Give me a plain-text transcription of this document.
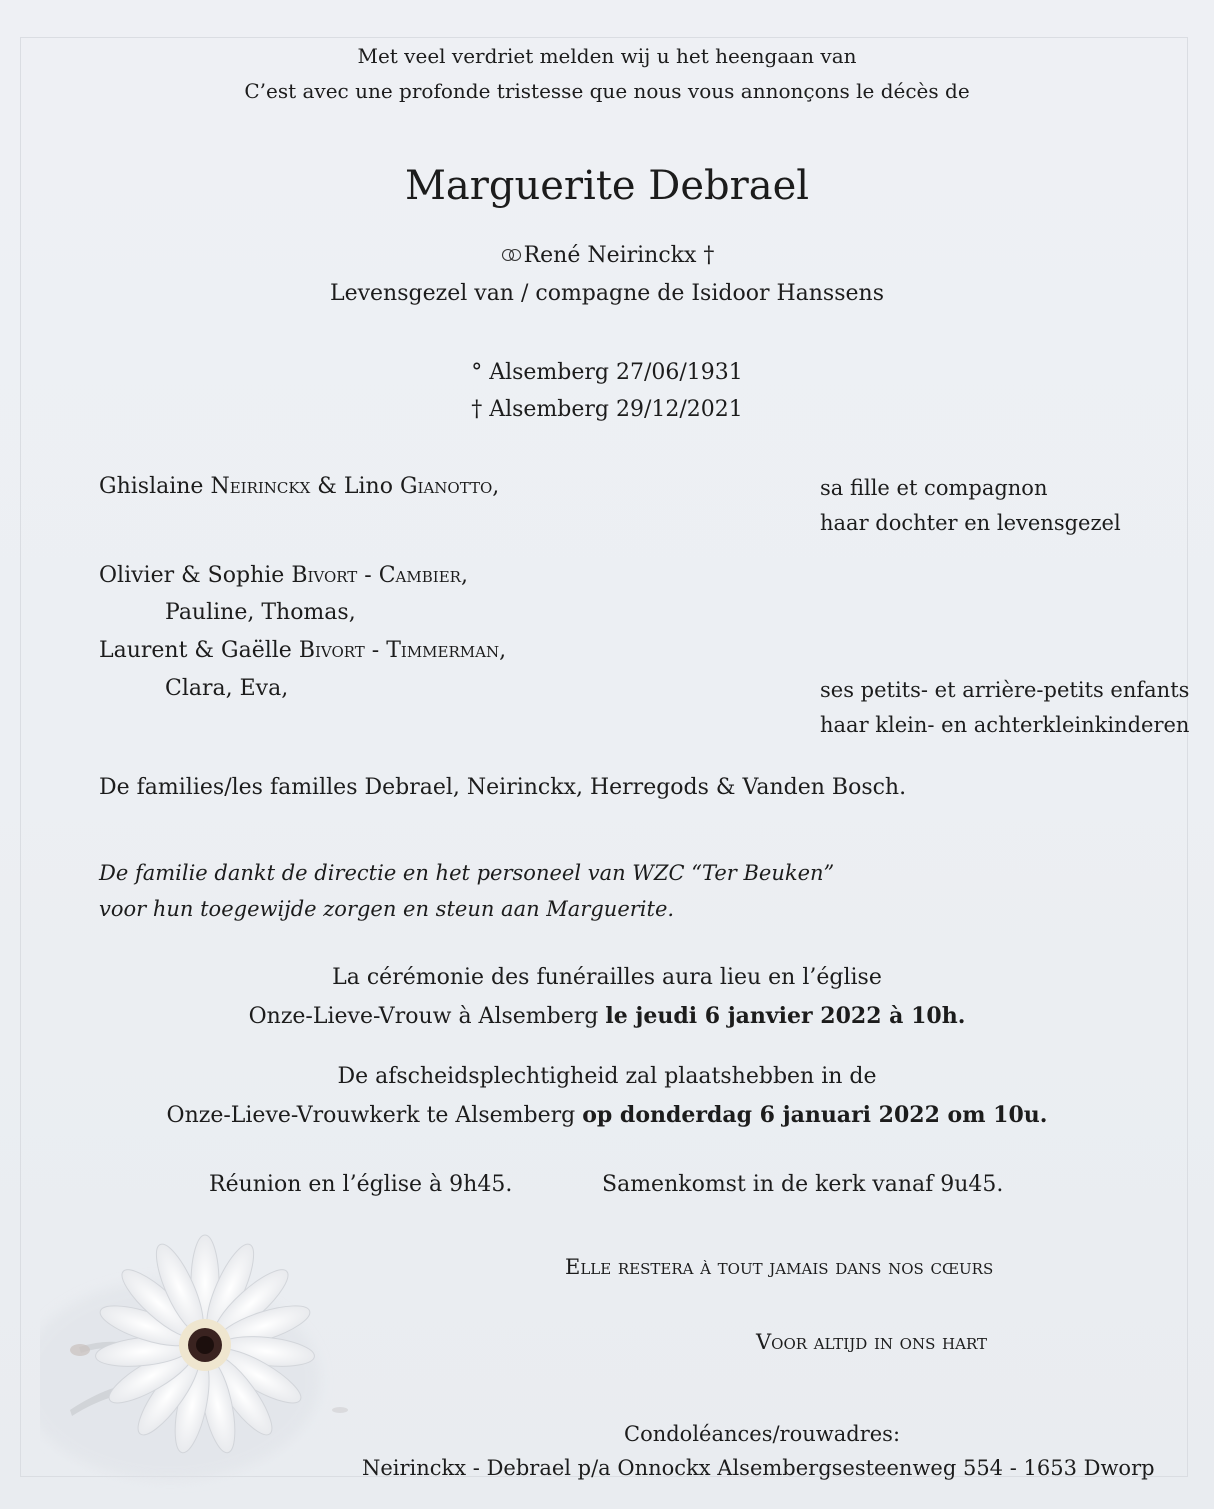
Met veel verdriet melden wij u het heengaan van
C’est avec une profonde tristesse que nous vous annonçons le décès de
Marguerite Debrael
René Neirinckx †
Levensgezel van / compagne de Isidoor Hanssens
° Alsemberg 27/06/1931
† Alsemberg 29/12/2021
Ghislaine Neirinckx & Lino Gianotto,	sa fille et compagnon
haar dochter en levensgezel
Olivier & Sophie Bivort - Cambier,
Pauline, Thomas,
Laurent & Gaëlle Bivort - Timmerman,
Clara, Eva,	ses petits- et arrière-petits enfants
haar klein- en achterkleinkinderen
De families/les familles Debrael, Neirinckx, Herregods & Vanden Bosch.
De familie dankt de directie en het personeel van WZC “Ter Beuken”
voor hun toegewijde zorgen en steun aan Marguerite.
La cérémonie des funérailles aura lieu en l’église
Onze-Lieve-Vrouw à Alsemberg le jeudi 6 janvier 2022 à 10h.
De afscheidsplechtigheid zal plaatshebben in de
Onze-Lieve-Vrouwkerk te Alsemberg op donderdag 6 januari 2022 om 10u.
Réunion en l’église à 9h45.	Samenkomst in de kerk vanaf 9u45.
Elle restera à tout jamais dans nos cœurs
Voor altijd in ons hart
Condoléances/rouwadres:
Neirinckx - Debrael p/a Onnockx Alsembergsesteenweg 554 - 1653 Dworp
